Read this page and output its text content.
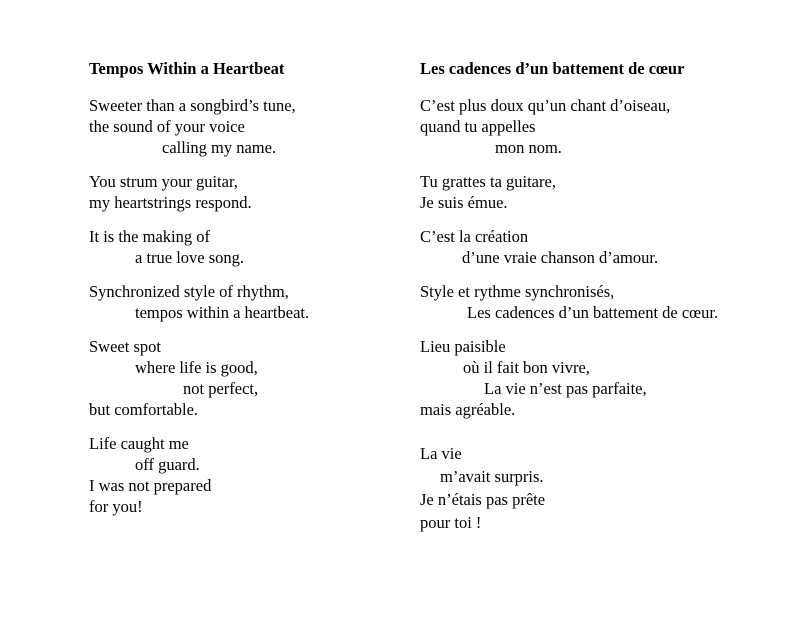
Tempos Within a Heartbeat
Sweeter than a songbird’s tune,
the sound of your voice
calling my name.
You strum your guitar,
my heartstrings respond.
It is the making of
a true love song.
Synchronized style of rhythm,
tempos within a heartbeat.
Sweet spot
where life is good,
not perfect,
but comfortable.
Life caught me
off guard.
I was not prepared
for you!
Les cadences d’un battement de cœur
C’est plus doux qu’un chant d’oiseau,
quand tu appelles
mon nom.
Tu grattes ta guitare,
Je suis émue.
C’est la création
d’une vraie chanson d’amour.
Style et rythme synchronisés,
Les cadences d’un battement de cœur.
Lieu paisible
où il fait bon vivre,
La vie n’est pas parfaite,
mais agréable.
La vie
m’avait surpris.
Je n’étais pas prête
pour toi !
